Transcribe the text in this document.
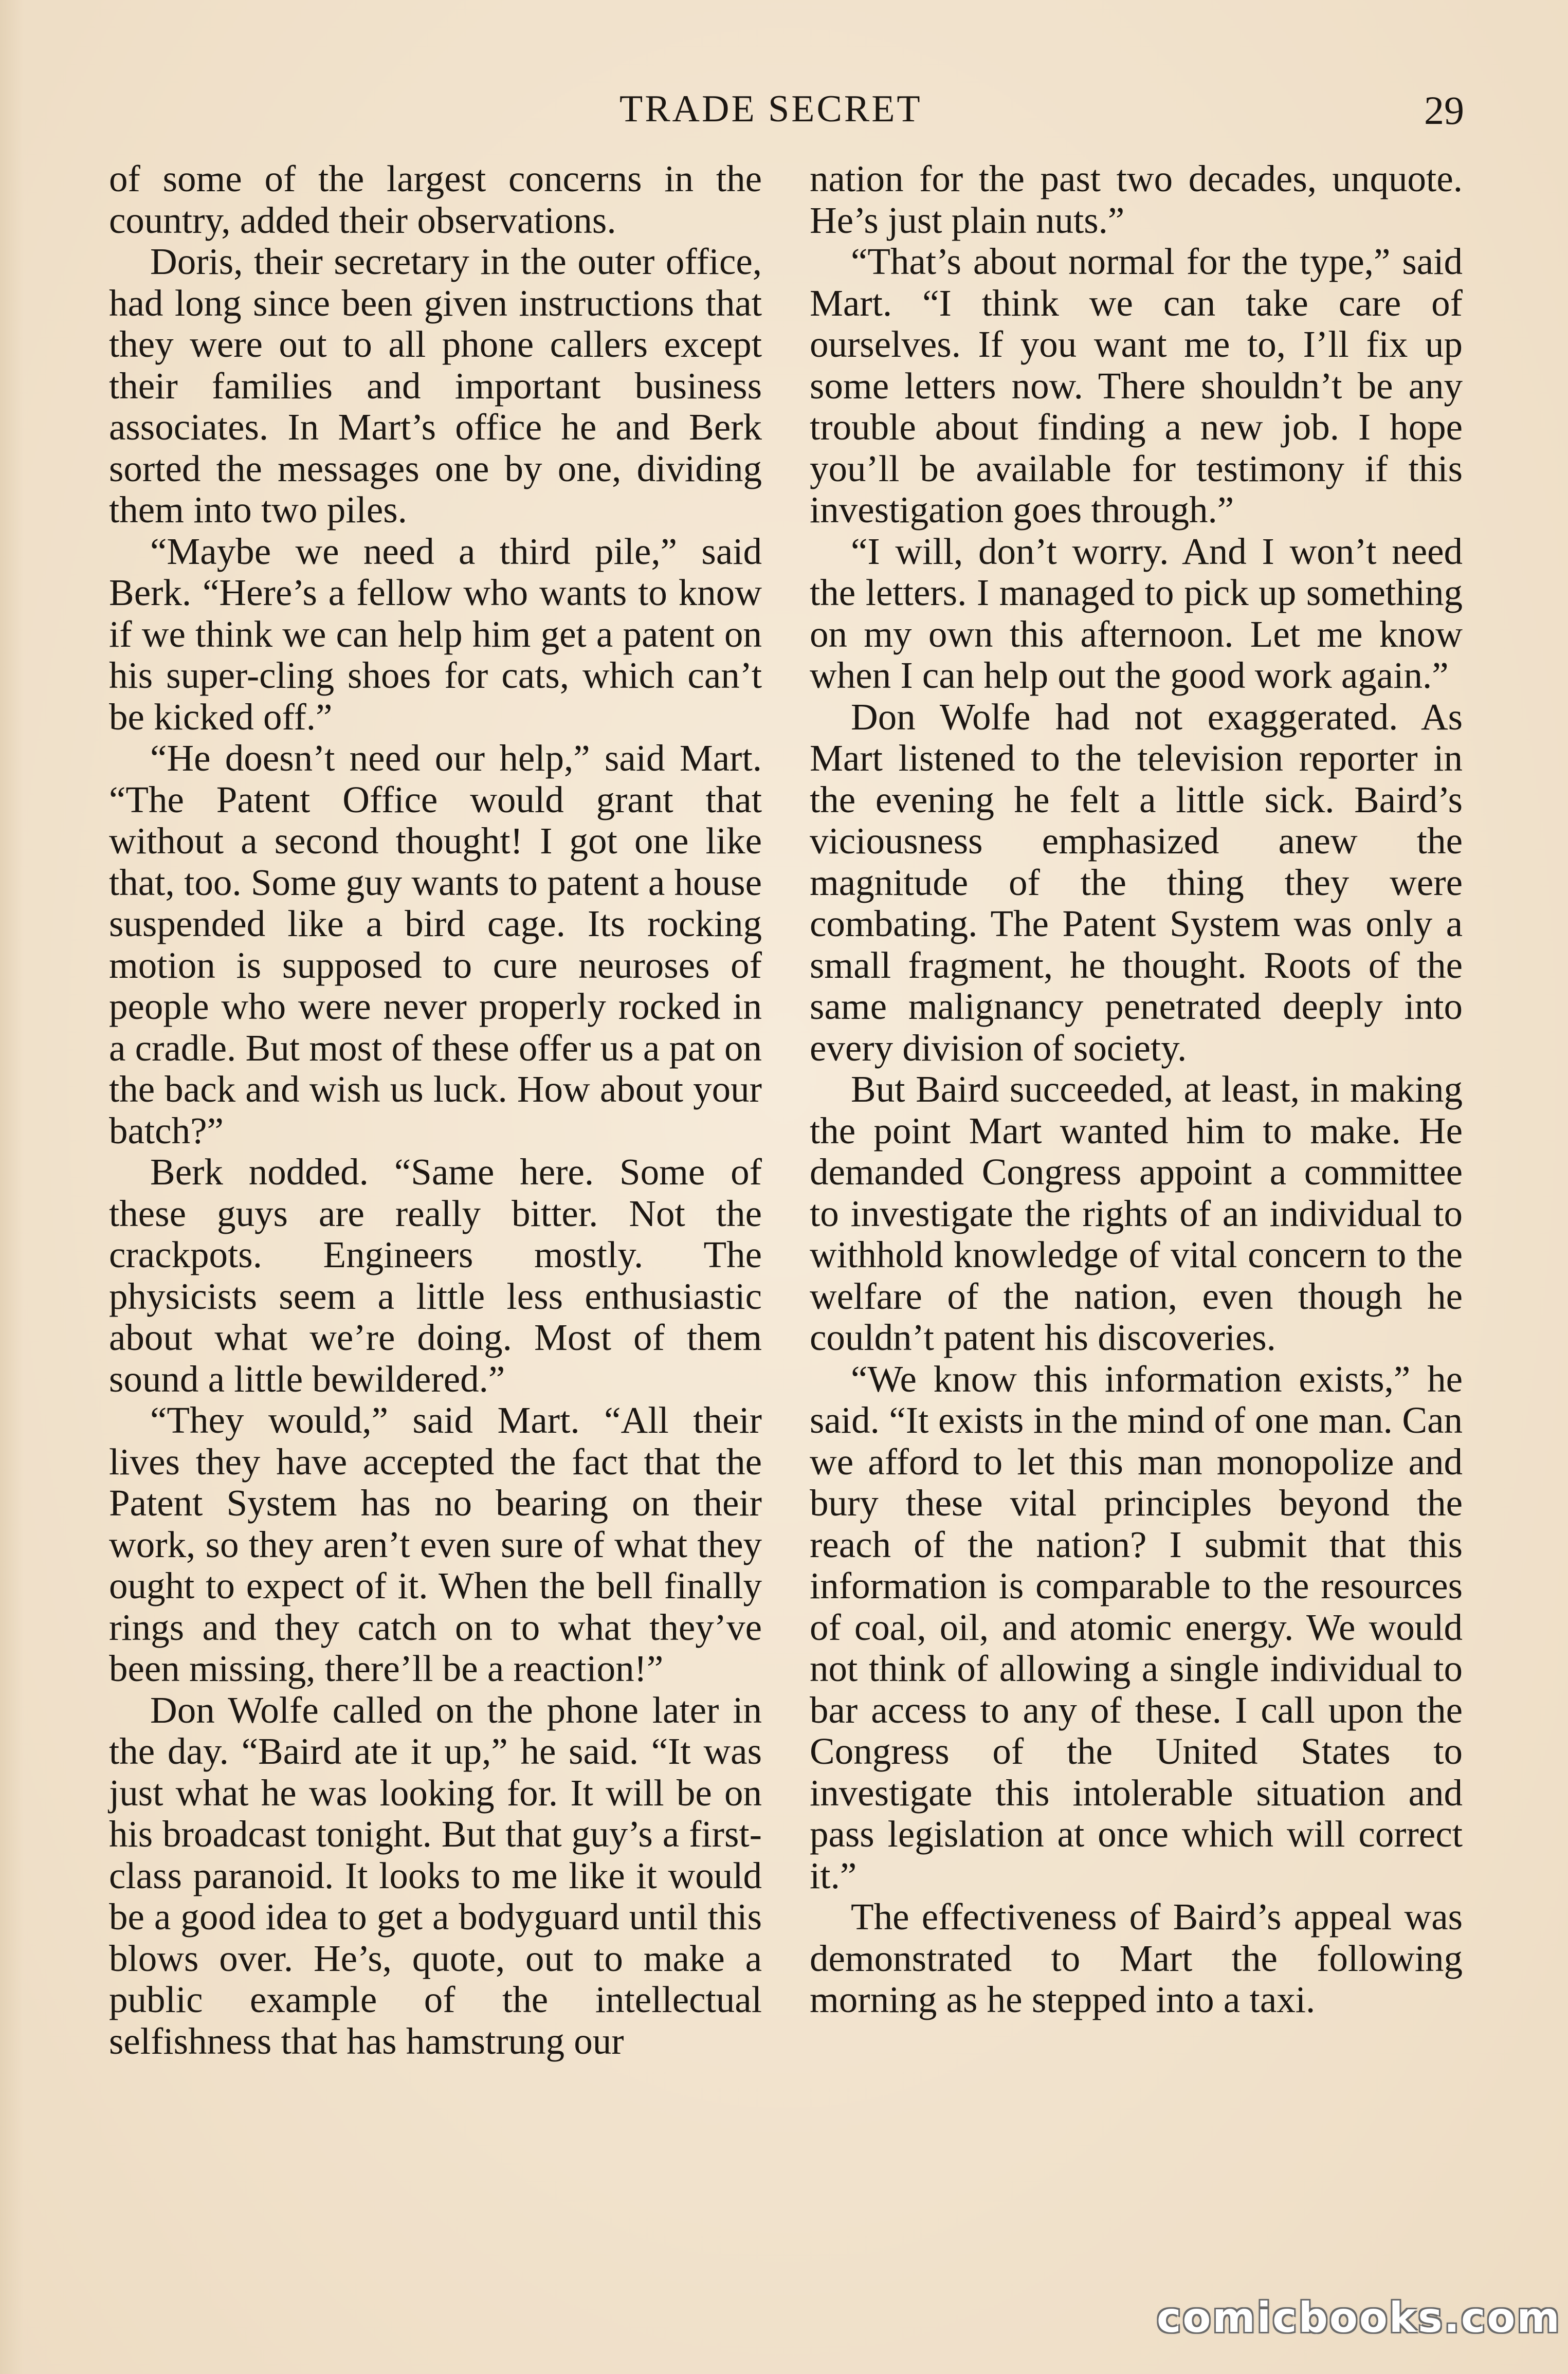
TRADE SECRET	29

of some of the largest concerns in the country, added their observations.

Doris, their secretary in the outer office, had long since been given instructions that they were out to all phone callers except their families and important business associates. In Mart’s office he and Berk sorted the messages one by one, dividing them into two piles.

“Maybe we need a third pile,” said Berk. “Here’s a fellow who wants to know if we think we can help him get a patent on his super-cling shoes for cats, which can’t be kicked off.”

“He doesn’t need our help,” said Mart. “The Patent Office would grant that without a second thought! I got one like that, too. Some guy wants to patent a house suspended like a bird cage. Its rocking motion is supposed to cure neuroses of people who were never properly rocked in a cradle. But most of these offer us a pat on the back and wish us luck. How about your batch?”

Berk nodded. “Same here. Some of these guys are really bitter. Not the crackpots. Engineers mostly. The physicists seem a little less enthusiastic about what we’re doing. Most of them sound a little bewildered.”

“They would,” said Mart. “All their lives they have accepted the fact that the Patent System has no bearing on their work, so they aren’t even sure of what they ought to expect of it. When the bell finally rings and they catch on to what they’ve been missing, there’ll be a reaction!”

Don Wolfe called on the phone later in the day. “Baird ate it up,” he said. “It was just what he was looking for. It will be on his broadcast tonight. But that guy’s a first-class paranoid. It looks to me like it would be a good idea to get a bodyguard until this blows over. He’s, quote, out to make a public example of the intellectual selfishness that has hamstrung our

nation for the past two decades, unquote. He’s just plain nuts.”

“That’s about normal for the type,” said Mart. “I think we can take care of ourselves. If you want me to, I’ll fix up some letters now. There shouldn’t be any trouble about finding a new job. I hope you’ll be available for testimony if this investigation goes through.”

“I will, don’t worry. And I won’t need the letters. I managed to pick up something on my own this afternoon. Let me know when I can help out the good work again.”

Don Wolfe had not exaggerated. As Mart listened to the television reporter in the evening he felt a little sick. Baird’s viciousness emphasized anew the magnitude of the thing they were combating. The Patent System was only a small fragment, he thought. Roots of the same malignancy penetrated deeply into every division of society.

But Baird succeeded, at least, in making the point Mart wanted him to make. He demanded Congress appoint a committee to investigate the rights of an individual to withhold knowledge of vital concern to the welfare of the nation, even though he couldn’t patent his discoveries.

“We know this information exists,” he said. “It exists in the mind of one man. Can we afford to let this man monopolize and bury these vital principles beyond the reach of the nation? I submit that this information is comparable to the resources of coal, oil, and atomic energy. We would not think of allowing a single individual to bar access to any of these. I call upon the Congress of the United States to investigate this intolerable situation and pass legislation at once which will correct it.”

The effectiveness of Baird’s appeal was demonstrated to Mart the following morning as he stepped into a taxi.

comicbooks.com
